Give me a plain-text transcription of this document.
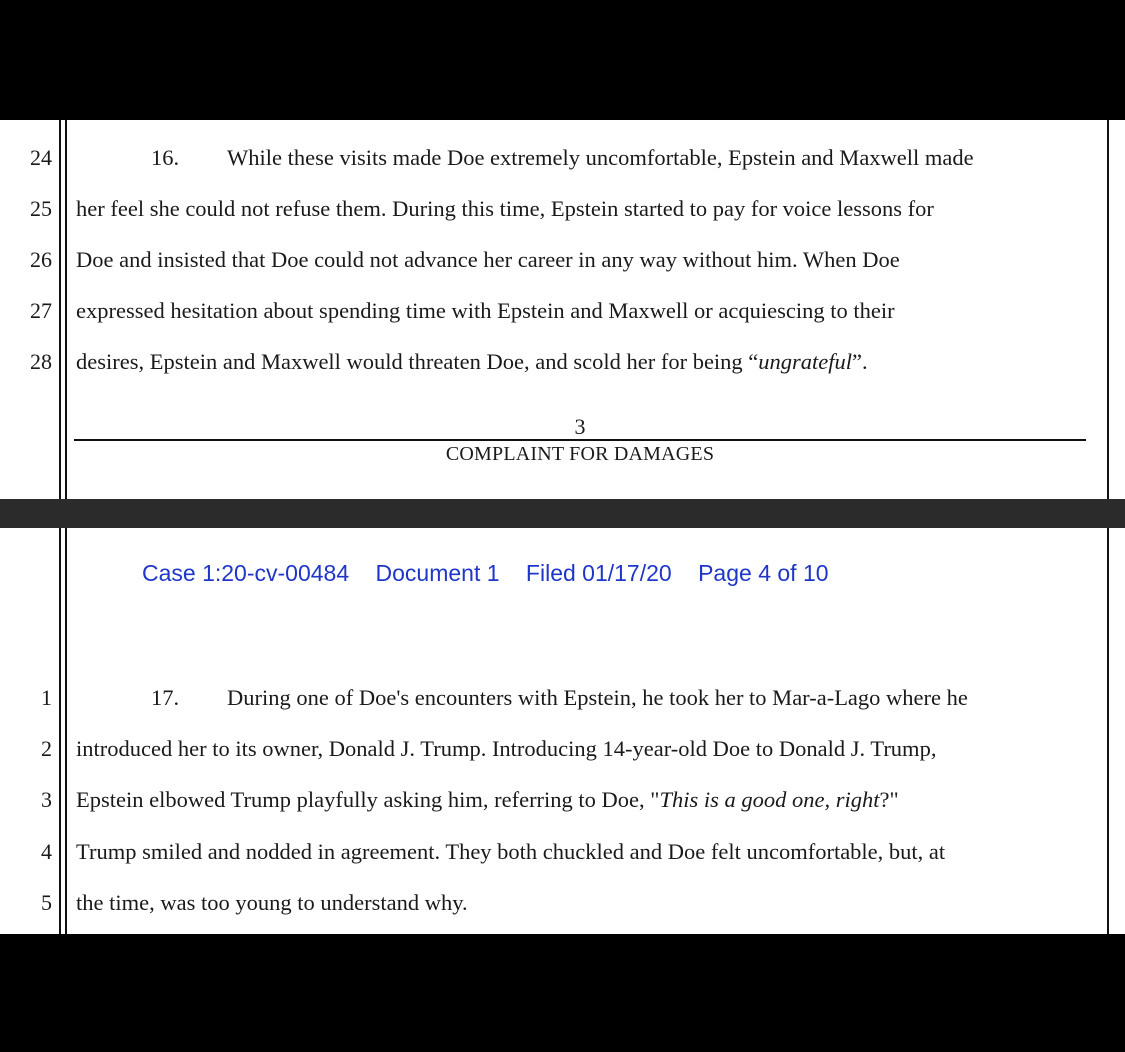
24
25
26
27
28
16. While these visits made Doe extremely uncomfortable, Epstein and Maxwell made
her feel she could not refuse them. During this time, Epstein started to pay for voice lessons for
Doe and insisted that Doe could not advance her career in any way without him. When Doe
expressed hesitation about spending time with Epstein and Maxwell or acquiescing to their
desires, Epstein and Maxwell would threaten Doe, and scold her for being “ungrateful”.
3
COMPLAINT FOR DAMAGES
Case 1:20-cv-00484 Document 1 Filed 01/17/20 Page 4 of 10
1
2
3
4
5
17. During one of Doe's encounters with Epstein, he took her to Mar-a-Lago where he
introduced her to its owner, Donald J. Trump. Introducing 14-year-old Doe to Donald J. Trump,
Epstein elbowed Trump playfully asking him, referring to Doe, "This is a good one, right?"
Trump smiled and nodded in agreement. They both chuckled and Doe felt uncomfortable, but, at
the time, was too young to understand why.
